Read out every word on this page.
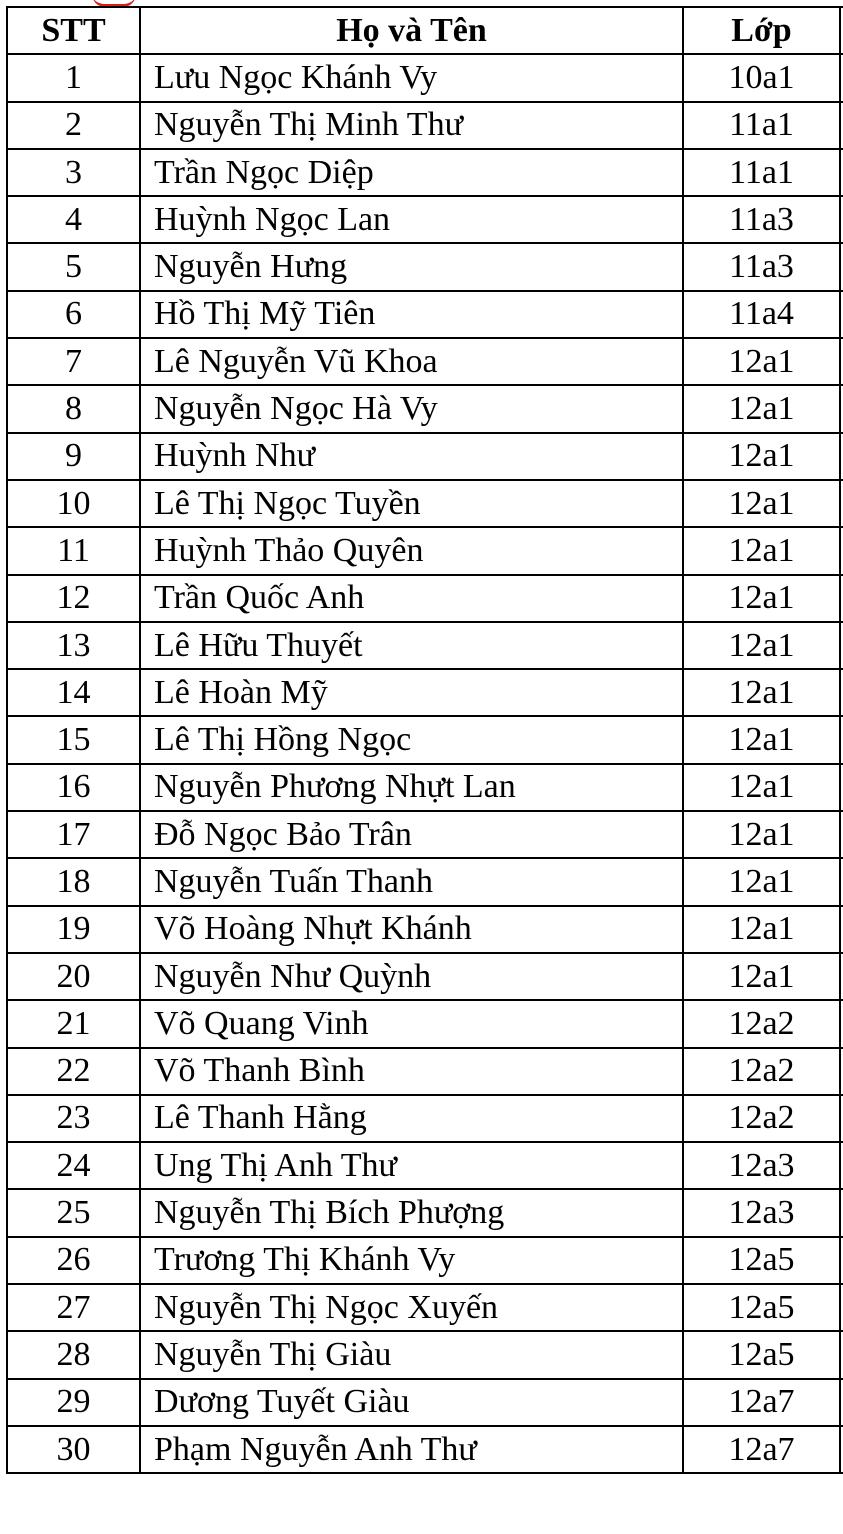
STT	Họ và Tên	Lớp	
1	Lưu Ngọc Khánh Vy	10a1	
2	Nguyễn Thị Minh Thư	11a1	
3	Trần Ngọc Diệp	11a1	
4	Huỳnh Ngọc Lan	11a3	
5	Nguyễn Hưng	11a3	
6	Hồ Thị Mỹ Tiên	11a4	
7	Lê Nguyễn Vũ Khoa	12a1	
8	Nguyễn Ngọc Hà Vy	12a1	
9	Huỳnh Như	12a1	
10	Lê Thị Ngọc Tuyền	12a1	
11	Huỳnh Thảo Quyên	12a1	
12	Trần Quốc Anh	12a1	
13	Lê Hữu Thuyết	12a1	
14	Lê Hoàn Mỹ	12a1	
15	Lê Thị Hồng Ngọc	12a1	
16	Nguyễn Phương Nhựt Lan	12a1	
17	Đỗ Ngọc Bảo Trân	12a1	
18	Nguyễn Tuấn Thanh	12a1	
19	Võ Hoàng Nhựt Khánh	12a1	
20	Nguyễn Như Quỳnh	12a1	
21	Võ Quang Vinh	12a2	
22	Võ Thanh Bình	12a2	
23	Lê Thanh Hằng	12a2	
24	Ung Thị Anh Thư	12a3	
25	Nguyễn Thị Bích Phượng	12a3	
26	Trương Thị Khánh Vy	12a5	
27	Nguyễn Thị Ngọc Xuyến	12a5	
28	Nguyễn Thị Giàu	12a5	
29	Dương Tuyết Giàu	12a7	
30	Phạm Nguyễn Anh Thư	12a7	
